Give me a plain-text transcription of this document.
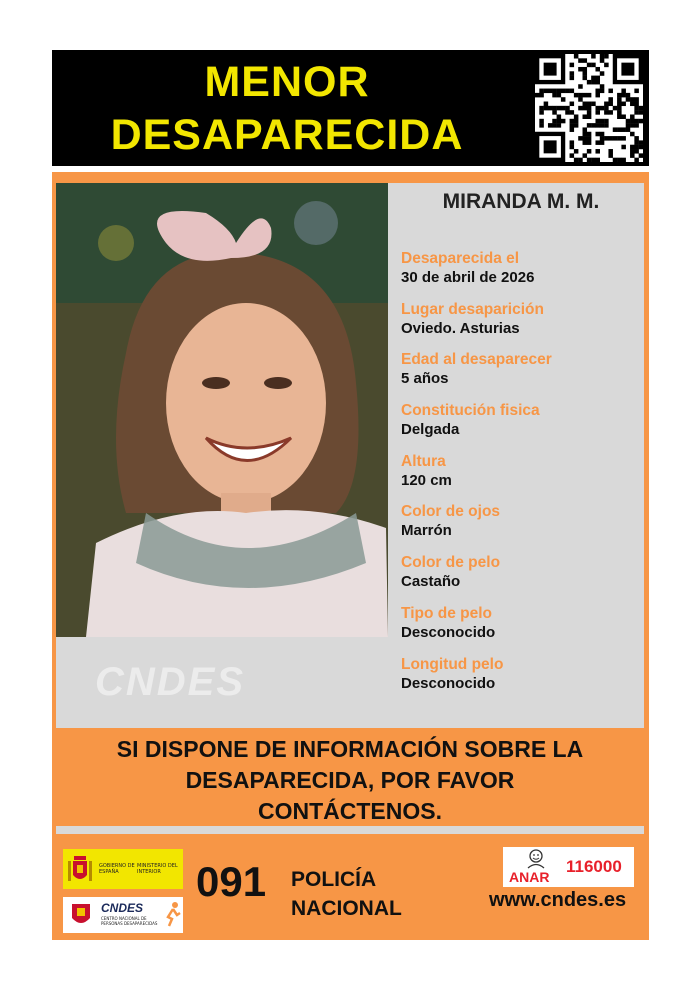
MENOR
DESAPARECIDA
CNDES
MIRANDA M. M.
Desaparecida el
30 de abril de 2026
Lugar desaparición
Oviedo. Asturias
Edad al desaparecer
5 años
Constitución fisica
Delgada
Altura
120 cm
Color de ojos
Marrón
Color de pelo
Castaño
Tipo de pelo
Desconocido
Longitud pelo
Desconocido
SI DISPONE DE INFORMACIÓN SOBRE LA
DESAPARECIDA, POR FAVOR
CONTÁCTENOS.
GOBIERNO DE ESPAÑA
MINISTERIO DEL INTERIOR
CNDES
CENTRO NACIONAL DE PERSONAS DESAPARECIDAS
091 POLICÍA
NACIONAL
ANAR
116000
www.cndes.es
